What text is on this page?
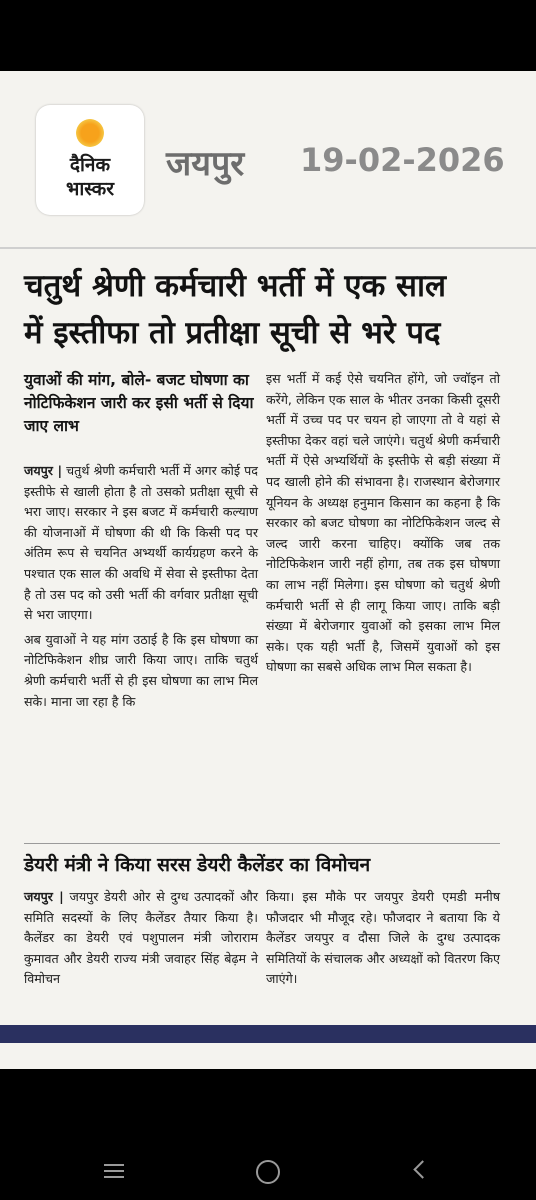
दैनिक
भास्कर
जयपुर 19-02-2026
चतुर्थ श्रेणी कर्मचारी भर्ती में एक साल
में इस्तीफा तो प्रतीक्षा सूची से भरे पद
युवाओं की मांग, बोले- बजट घोषणा का नोटिफिकेशन जारी कर इसी भर्ती से दिया जाए लाभ

जयपुर | चतुर्थ श्रेणी कर्मचारी भर्ती में अगर कोई पद इस्तीफे से खाली होता है तो उसको प्रतीक्षा सूची से भरा जाए। सरकार ने इस बजट में कर्मचारी कल्याण की योजनाओं में घोषणा की थी कि किसी पद पर अंतिम रूप से चयनित अभ्यर्थी कार्यग्रहण करने के पश्चात एक साल की अवधि में सेवा से इस्तीफा देता है तो उस पद को उसी भर्ती की वर्गवार प्रतीक्षा सूची से भरा जाएगा।

अब युवाओं ने यह मांग उठाई है कि इस घोषणा का नोटिफिकेशन शीघ्र जारी किया जाए। ताकि चतुर्थ श्रेणी कर्मचारी भर्ती से ही इस घोषणा का लाभ मिल सके। माना जा रहा है कि

इस भर्ती में कई ऐसे चयनित होंगे, जो ज्वॉइन तो करेंगे, लेकिन एक साल के भीतर उनका किसी दूसरी भर्ती में उच्च पद पर चयन हो जाएगा तो वे यहां से इस्तीफा देकर वहां चले जाएंगे। चतुर्थ श्रेणी कर्मचारी भर्ती में ऐसे अभ्यर्थियों के इस्तीफे से बड़ी संख्या में पद खाली होने की संभावना है। राजस्थान बेरोजगार यूनियन के अध्यक्ष हनुमान किसान का कहना है कि सरकार को बजट घोषणा का नोटिफिकेशन जल्द से जल्द जारी करना चाहिए। क्योंकि जब तक नोटिफिकेशन जारी नहीं होगा, तब तक इस घोषणा का लाभ नहीं मिलेगा। इस घोषणा को चतुर्थ श्रेणी कर्मचारी भर्ती से ही लागू किया जाए। ताकि बड़ी संख्या में बेरोजगार युवाओं को इसका लाभ मिल सके। एक यही भर्ती है, जिसमें युवाओं को इस घोषणा का सबसे अधिक लाभ मिल सकता है।

डेयरी मंत्री ने किया सरस डेयरी कैलेंडर का विमोचन

जयपुर | जयपुर डेयरी ओर से दुग्ध उत्पादकों और समिति सदस्यों के लिए कैलेंडर तैयार किया है। कैलेंडर का डेयरी एवं पशुपालन मंत्री जोराराम कुमावत और डेयरी राज्य मंत्री जवाहर सिंह बेढ़म ने विमोचन

किया। इस मौके पर जयपुर डेयरी एमडी मनीष फौजदार भी मौजूद रहे। फौजदार ने बताया कि ये कैलेंडर जयपुर व दौसा जिले के दुग्ध उत्पादक समितियों के संचालक और अध्यक्षों को वितरण किए जाएंगे।
